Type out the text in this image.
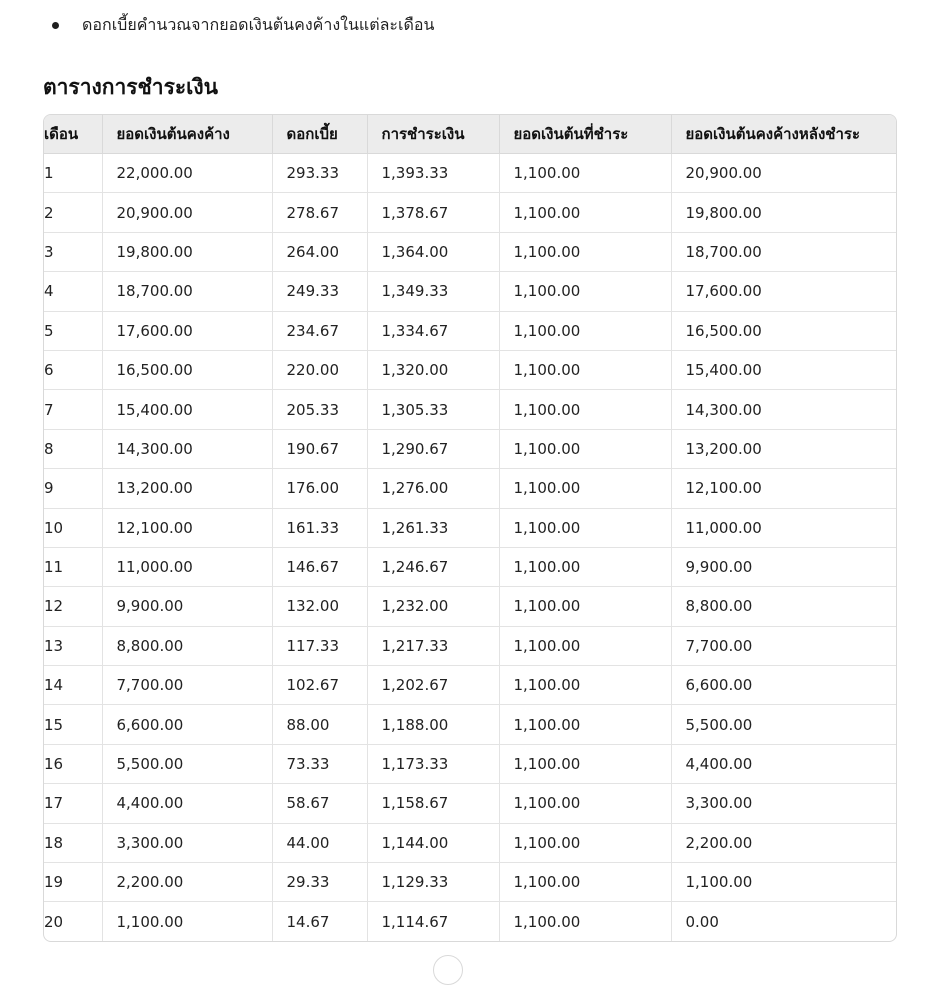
ดอกเบี้ยคำนวณจากยอดเงินต้นคงค้างในแต่ละเดือน
ตารางการชำระเงิน
เดือน	ยอดเงินต้นคงค้าง	ดอกเบี้ย	การชำระเงิน	ยอดเงินต้นที่ชำระ	ยอดเงินต้นคงค้างหลังชำระ
1	22,000.00	293.33	1,393.33	1,100.00	20,900.00
2	20,900.00	278.67	1,378.67	1,100.00	19,800.00
3	19,800.00	264.00	1,364.00	1,100.00	18,700.00
4	18,700.00	249.33	1,349.33	1,100.00	17,600.00
5	17,600.00	234.67	1,334.67	1,100.00	16,500.00
6	16,500.00	220.00	1,320.00	1,100.00	15,400.00
7	15,400.00	205.33	1,305.33	1,100.00	14,300.00
8	14,300.00	190.67	1,290.67	1,100.00	13,200.00
9	13,200.00	176.00	1,276.00	1,100.00	12,100.00
10	12,100.00	161.33	1,261.33	1,100.00	11,000.00
11	11,000.00	146.67	1,246.67	1,100.00	9,900.00
12	9,900.00	132.00	1,232.00	1,100.00	8,800.00
13	8,800.00	117.33	1,217.33	1,100.00	7,700.00
14	7,700.00	102.67	1,202.67	1,100.00	6,600.00
15	6,600.00	88.00	1,188.00	1,100.00	5,500.00
16	5,500.00	73.33	1,173.33	1,100.00	4,400.00
17	4,400.00	58.67	1,158.67	1,100.00	3,300.00
18	3,300.00	44.00	1,144.00	1,100.00	2,200.00
19	2,200.00	29.33	1,129.33	1,100.00	1,100.00
20	1,100.00	14.67	1,114.67	1,100.00	0.00
